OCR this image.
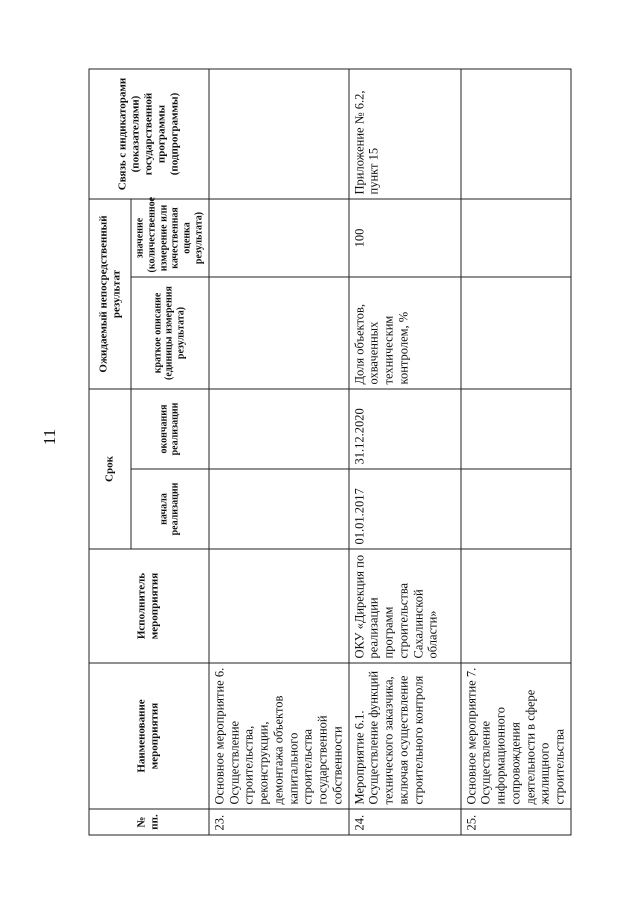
11
№ пп.	Наименование мероприятия	Исполнитель мероприятия	Срок		Ожидаемый непосредственный результат		Связь с индикаторами (показателями) государственной программы (подпрограммы)
			начала реализации	окончания реализации	краткое описание (единицы измерения результата)	значение (количественное измерение или качественная оценка результата)	
23.	Основное мероприятие 6. Осуществление строительства, реконструкции, демонтажа объектов капитального строительства государственной собственности						
24.	Мероприятие 6.1. Осуществление функций технического заказчика, включая осуществление строительного контроля	ОКУ «Дирекция по реализации программ строительства Сахалинской области»	01.01.2017	31.12.2020	Доля объектов, охваченных техническим контролем, %	100	Приложение № 6.2, пункт 15
25.	Основное мероприятие 7. Осуществление информационного сопровождения деятельности в сфере жилищного строительства						
